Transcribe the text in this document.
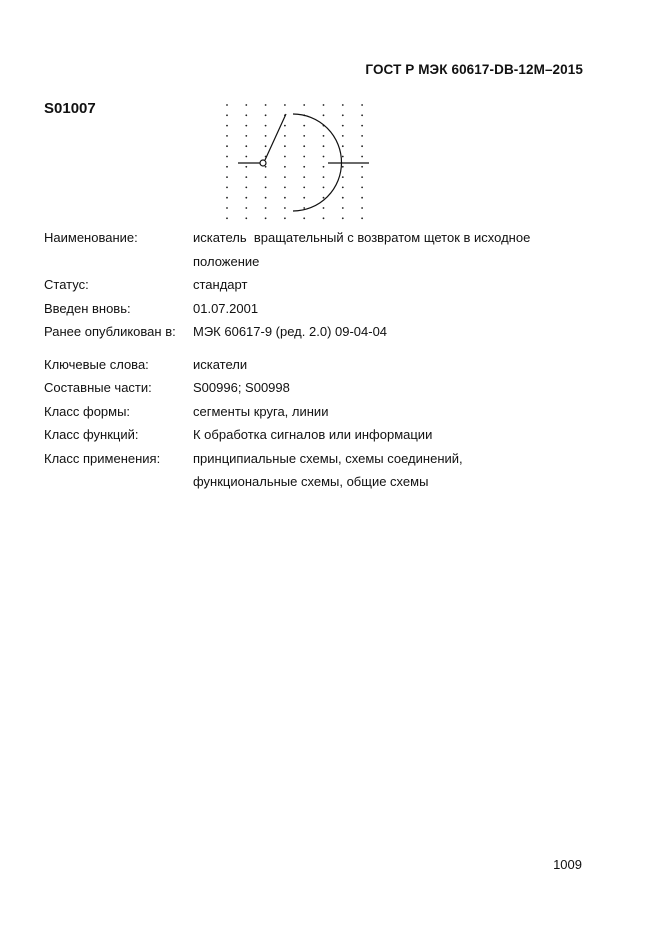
ГОСТ Р МЭК 60617-DB-12M–2015
S01007
Наименование:	искатель  вращательный с возвратом щеток в исходное
положение
Статус:	стандарт
Введен вновь:	01.07.2001
Ранее опубликован в:	МЭК 60617-9 (ред. 2.0) 09-04-04
Ключевые слова:	искатели
Составные части:	S00996; S00998
Класс формы:	сегменты круга, линии
Класс функций:	К обработка сигналов или информации
Класс применения:	принципиальные схемы, схемы соединений,
функциональные схемы, общие схемы
1009
